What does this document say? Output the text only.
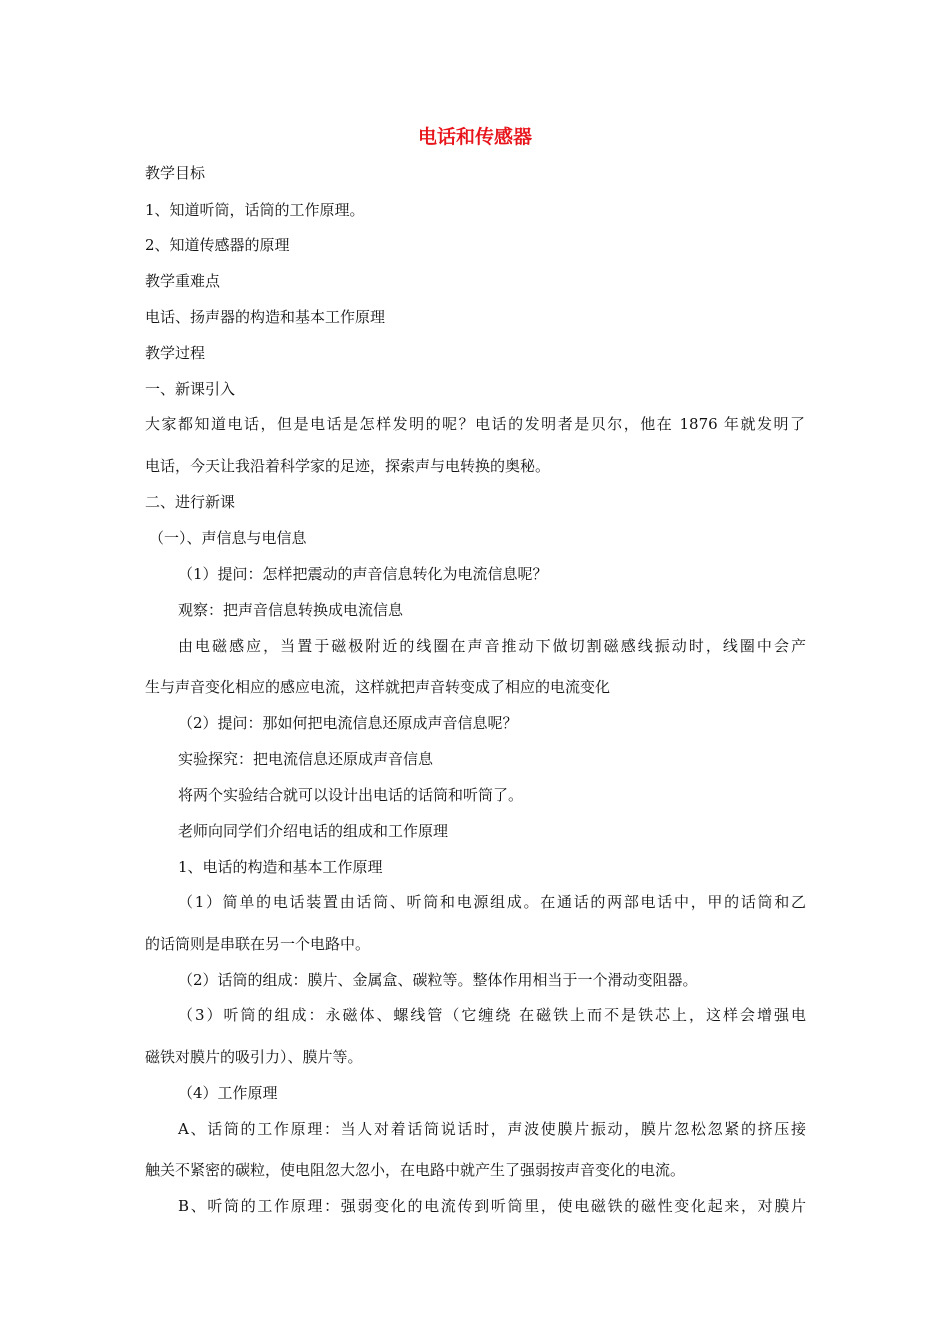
电话和传感器
教学目标
1、知道听筒，话筒的工作原理。
2、知道传感器的原理
教学重难点
电话、扬声器的构造和基本工作原理
教学过程
一、新课引入
大家都知道电话，但是电话是怎样发明的呢？电话的发明者是贝尔，他在 1876 年就发明了
电话，今天让我沿着科学家的足迹，探索声与电转换的奥秘。
二、进行新课
（一）、声信息与电信息
（1）提问：怎样把震动的声音信息转化为电流信息呢？
观察：把声音信息转换成电流信息
由电磁感应，当置于磁极附近的线圈在声音推动下做切割磁感线振动时，线圈中会产
生与声音变化相应的感应电流，这样就把声音转变成了相应的电流变化
（2）提问：那如何把电流信息还原成声音信息呢？
实验探究：把电流信息还原成声音信息
将两个实验结合就可以设计出电话的话筒和听筒了。
老师向同学们介绍电话的组成和工作原理
1、电话的构造和基本工作原理
（1）简单的电话装置由话筒、听筒和电源组成。在通话的两部电话中，甲的话筒和乙
的话筒则是串联在另一个电路中。
（2）话筒的组成：膜片、金属盒、碳粒等。整体作用相当于一个滑动变阻器。
（3）听筒的组成：永磁体、螺线管（它缠绕 在磁铁上而不是铁芯上，这样会增强电
磁铁对膜片的吸引力）、膜片等。
（4）工作原理
A、话筒的工作原理：当人对着话筒说话时，声波使膜片振动，膜片忽松忽紧的挤压接
触关不紧密的碳粒，使电阻忽大忽小，在电路中就产生了强弱按声音变化的电流。
B、听筒的工作原理：强弱变化的电流传到听筒里，使电磁铁的磁性变化起来，对膜片
